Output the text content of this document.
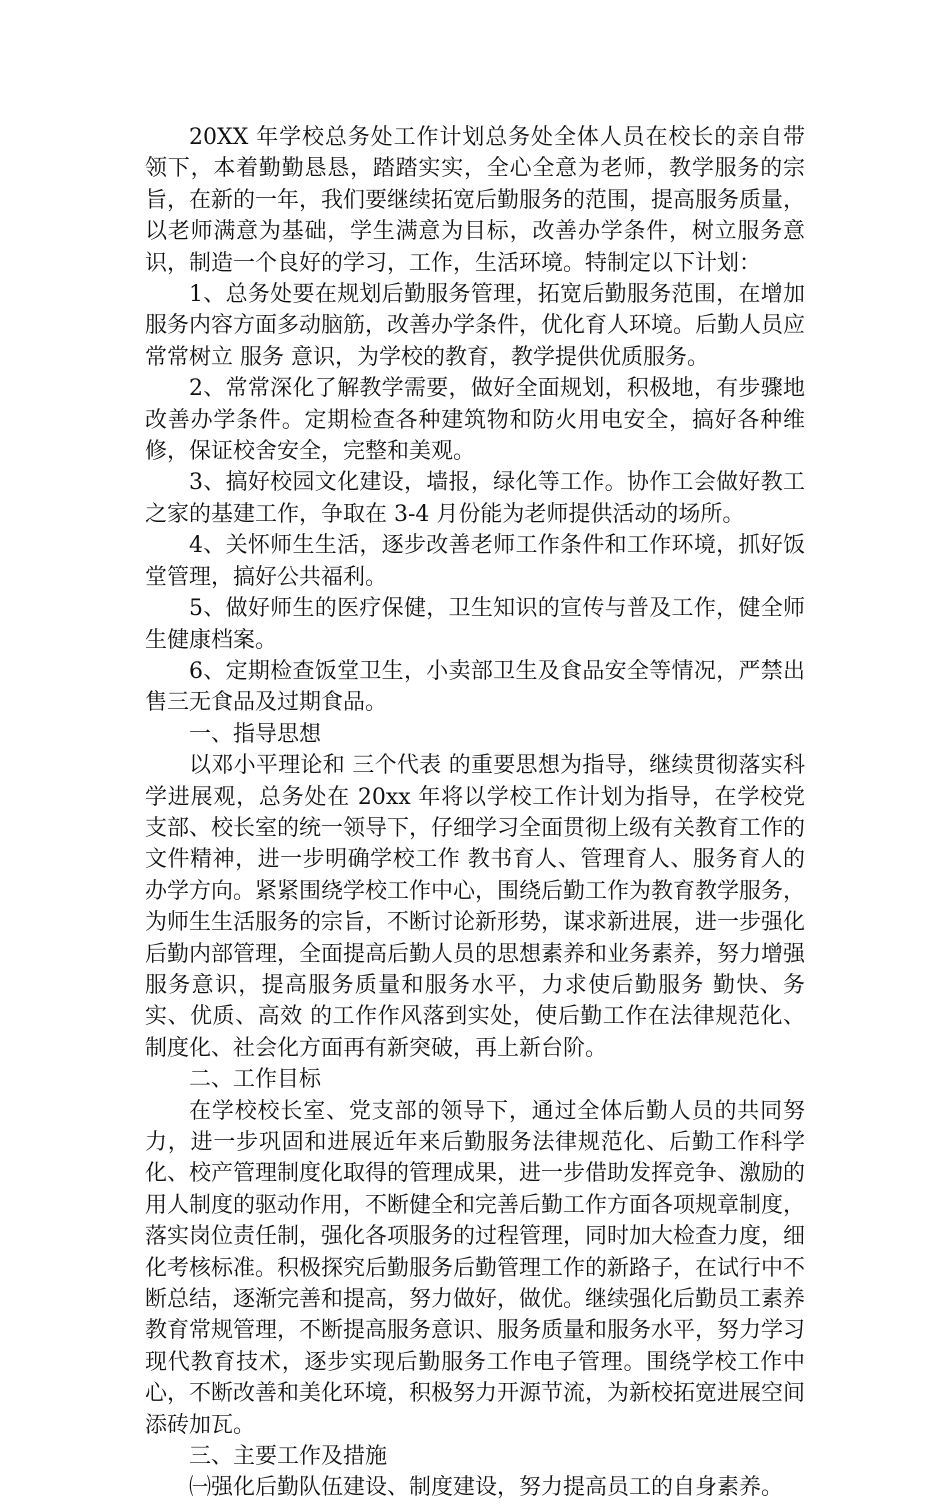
20XX 年学校总务处工作计划总务处全体人员在校长的亲自带领下，本着勤勤恳恳，踏踏实实，全心全意为老师，教学服务的宗旨，在新的一年，我们要继续拓宽后勤服务的范围，提高服务质量，以老师满意为基础，学生满意为目标，改善办学条件，树立服务意识，制造一个良好的学习，工作，生活环境。特制定以下计划：

1、总务处要在规划后勤服务管理，拓宽后勤服务范围，在增加服务内容方面多动脑筋，改善办学条件，优化育人环境。后勤人员应常常树立 服务 意识，为学校的教育，教学提供优质服务。

2、常常深化了解教学需要，做好全面规划，积极地，有步骤地改善办学条件。定期检查各种建筑物和防火用电安全，搞好各种维修，保证校舍安全，完整和美观。

3、搞好校园文化建设，墙报，绿化等工作。协作工会做好教工之家的基建工作，争取在 3-4 月份能为老师提供活动的场所。

4、关怀师生生活，逐步改善老师工作条件和工作环境，抓好饭堂管理，搞好公共福利。

5、做好师生的医疗保健，卫生知识的宣传与普及工作，健全师生健康档案。

6、定期检查饭堂卫生，小卖部卫生及食品安全等情况，严禁出售三无食品及过期食品。

一、指导思想

以邓小平理论和 三个代表 的重要思想为指导，继续贯彻落实科学进展观，总务处在 20xx 年将以学校工作计划为指导，在学校党支部、校长室的统一领导下，仔细学习全面贯彻上级有关教育工作的文件精神，进一步明确学校工作 教书育人、管理育人、服务育人的办学方向。紧紧围绕学校工作中心，围绕后勤工作为教育教学服务，为师生生活服务的宗旨，不断讨论新形势，谋求新进展，进一步强化后勤内部管理，全面提高后勤人员的思想素养和业务素养，努力增强服务意识，提高服务质量和服务水平，力求使后勤服务 勤快、务实、优质、高效 的工作作风落到实处，使后勤工作在法律规范化、制度化、社会化方面再有新突破，再上新台阶。

二、工作目标

在学校校长室、党支部的领导下，通过全体后勤人员的共同努力，进一步巩固和进展近年来后勤服务法律规范化、后勤工作科学化、校产管理制度化取得的管理成果，进一步借助发挥竞争、激励的用人制度的驱动作用，不断健全和完善后勤工作方面各项规章制度，落实岗位责任制，强化各项服务的过程管理，同时加大检查力度，细化考核标准。积极探究后勤服务后勤管理工作的新路子，在试行中不断总结，逐渐完善和提高，努力做好，做优。继续强化后勤员工素养教育常规管理，不断提高服务意识、服务质量和服务水平，努力学习现代教育技术，逐步实现后勤服务工作电子管理。围绕学校工作中心，不断改善和美化环境，积极努力开源节流，为新校拓宽进展空间添砖加瓦。

三、主要工作及措施

㈠强化后勤队伍建设、制度建设，努力提高员工的自身素养。
